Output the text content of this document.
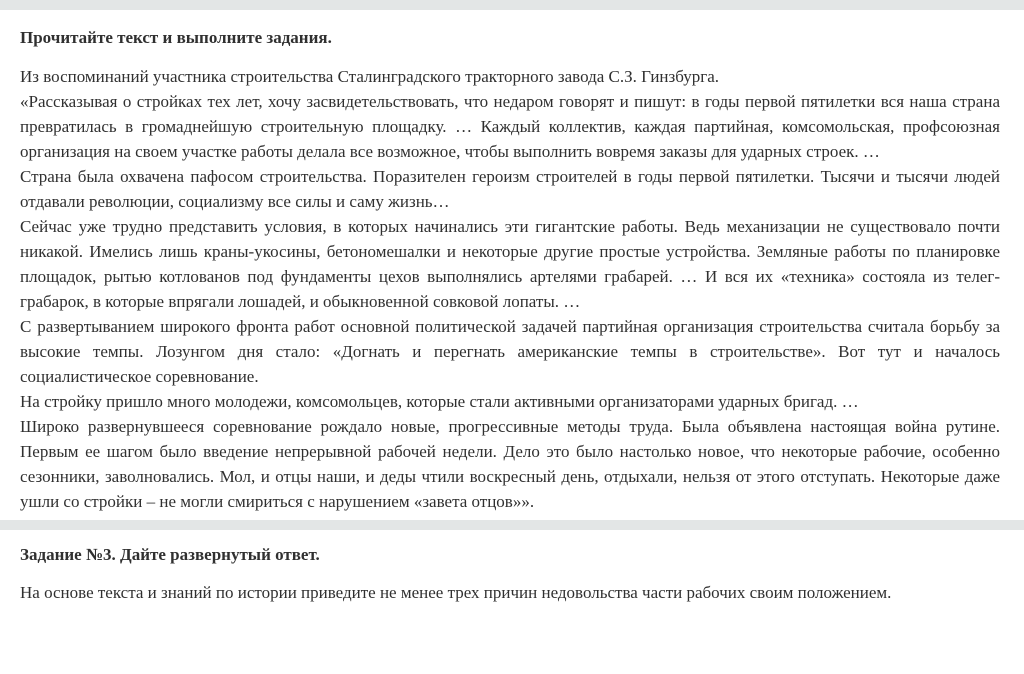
Прочитайте текст и выполните задания.

Из воспоминаний участника строительства Сталинградского тракторного завода С.З. Гинзбурга.

«Рассказывая о стройках тех лет, хочу засвидетельствовать, что недаром говорят и пишут: в годы первой пятилетки вся наша страна превратилась в громаднейшую строительную площадку. … Каждый коллектив, каждая партийная, комсомольская, профсоюзная организация на своем участке работы делала все возможное, чтобы выполнить вовремя заказы для ударных строек. …

Страна была охвачена пафосом строительства. Поразителен героизм строителей в годы первой пятилетки. Тысячи и тысячи людей отдавали революции, социализму все силы и саму жизнь…

Сейчас уже трудно представить условия, в которых начинались эти гигантские работы. Ведь механизации не существовало почти никакой. Имелись лишь краны-укосины, бетономешалки и некоторые другие простые устройства. Земляные работы по планировке площадок, рытью котлованов под фундаменты цехов выполнялись артелями грабарей. … И вся их «техника» состояла из телег-грабарок, в которые впрягали лошадей, и обыкновенной совковой лопаты. …

С развертыванием широкого фронта работ основной политической задачей партийная организация строительства считала борьбу за высокие темпы. Лозунгом дня стало: «Догнать и перегнать американские темпы в строительстве». Вот тут и началось социалистическое соревнование.

На стройку пришло много молодежи, комсомольцев, которые стали активными организаторами ударных бригад. …

Широко развернувшееся соревнование рождало новые, прогрессивные методы труда. Была объявлена настоящая война рутине. Первым ее шагом было введение непрерывной рабочей недели. Дело это было настолько новое, что некоторые рабочие, особенно сезонники, заволновались. Мол, и отцы наши, и деды чтили воскресный день, отдыхали, нельзя от этого отступать. Некоторые даже ушли со стройки – не могли смириться с нарушением «завета отцов»».

Задание №3. Дайте развернутый ответ.
На основе текста и знаний по истории приведите не менее трех причин недовольства части рабочих своим положением.
